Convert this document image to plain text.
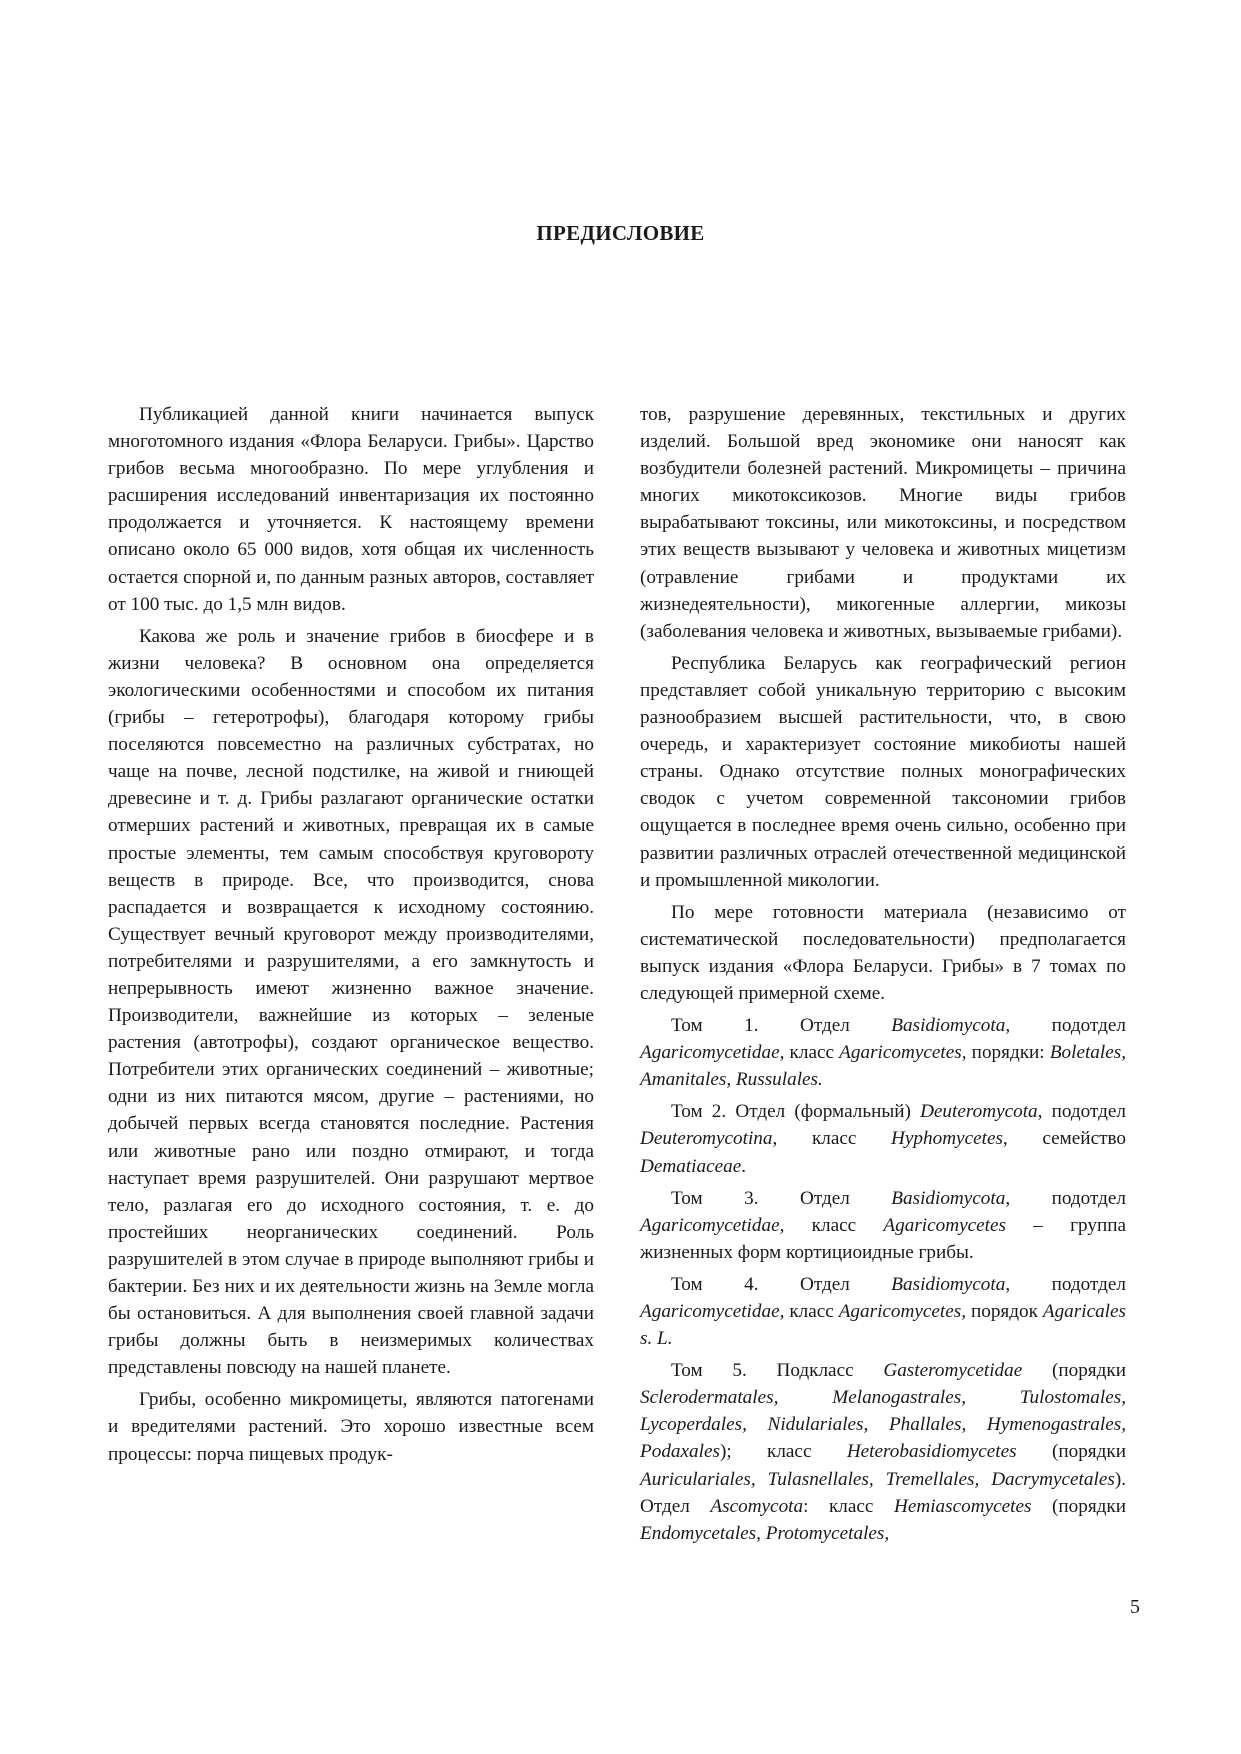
ПРЕДИСЛОВИЕ

Публикацией данной книги начинается выпуск многотомного издания «Флора Беларуси. Грибы». Царство грибов весьма многообразно. По мере углубления и расширения исследований инвентаризация их постоянно продолжается и уточняется. К настоящему времени описано около 65 000 видов, хотя общая их численность остается спорной и, по данным разных авторов, составляет от 100 тыс. до 1,5 млн видов.

Какова же роль и значение грибов в биосфере и в жизни человека? В основном она определяется экологическими особенностями и способом их питания (грибы – гетеротрофы), благодаря которому грибы поселяются повсеместно на различных субстратах, но чаще на почве, лесной подстилке, на живой и гниющей древесине и т. д. Грибы разлагают органические остатки отмерших растений и животных, превращая их в самые простые элементы, тем самым способствуя круговороту веществ в природе. Все, что производится, снова распадается и возвращается к исходному состоянию. Существует вечный круговорот между производителями, потребителями и разрушителями, а его замкнутость и непрерывность имеют жизненно важное значение. Производители, важнейшие из которых – зеленые растения (автотрофы), создают органическое вещество. Потребители этих органических соединений – животные; одни из них питаются мясом, другие – растениями, но добычей первых всегда становятся последние. Растения или животные рано или поздно отмирают, и тогда наступает время разрушителей. Они разрушают мертвое тело, разлагая его до исходного состояния, т. е. до простейших неорганических соединений. Роль разрушителей в этом случае в природе выполняют грибы и бактерии. Без них и их деятельности жизнь на Земле могла бы остановиться. А для выполнения своей главной задачи грибы должны быть в неизмеримых количествах представлены повсюду на нашей планете.

Грибы, особенно микромицеты, являются патогенами и вредителями растений. Это хорошо известные всем процессы: порча пищевых продук-

тов, разрушение деревянных, текстильных и других изделий. Большой вред экономике они наносят как возбудители болезней растений. Микромицеты – причина многих микотоксикозов. Многие виды грибов вырабатывают токсины, или микотоксины, и посредством этих веществ вызывают у человека и животных мицетизм (отравление грибами и продуктами их жизнедеятельности), микогенные аллергии, микозы (заболевания человека и животных, вызываемые грибами).

Республика Беларусь как географический регион представляет собой уникальную территорию с высоким разнообразием высшей растительности, что, в свою очередь, и характеризует состояние микобиоты нашей страны. Однако отсутствие полных монографических сводок с учетом современной таксономии грибов ощущается в последнее время очень сильно, особенно при развитии различных отраслей отечественной медицинской и промышленной микологии.

По мере готовности материала (независимо от систематической последовательности) предполагается выпуск издания «Флора Беларуси. Грибы» в 7 томах по следующей примерной схеме.

Том 1. Отдел Basidiomycota, подотдел Agaricomycetidae, класс Agaricomycetes, порядки: Boletales, Amanitales, Russulales.

Том 2. Отдел (формальный) Deuteromycota, подотдел Deuteromycotina, класс Hyphomycetes, семейство Dematiaceae.

Том 3. Отдел Basidiomycota, подотдел Agaricomycetidae, класс Agaricomycetes – группа жизненных форм кортициоидные грибы.

Том 4. Отдел Basidiomycota, подотдел Agaricomycetidae, класс Agaricomycetes, порядок Agaricales s. L.

Том 5. Подкласс Gasteromycetidae (порядки Sclerodermatales, Melanogastrales, Tulostomales, Lycoperdales, Nidulariales, Phallales, Hymenogastrales, Podaxales); класс Heterobasidiomycetes (порядки Auriculariales, Tulasnellales, Tremellales, Dacrymycetales). Отдел Ascomycota: класс Hemiascomycetes (порядки Endomycetales, Protomycetales,

5
